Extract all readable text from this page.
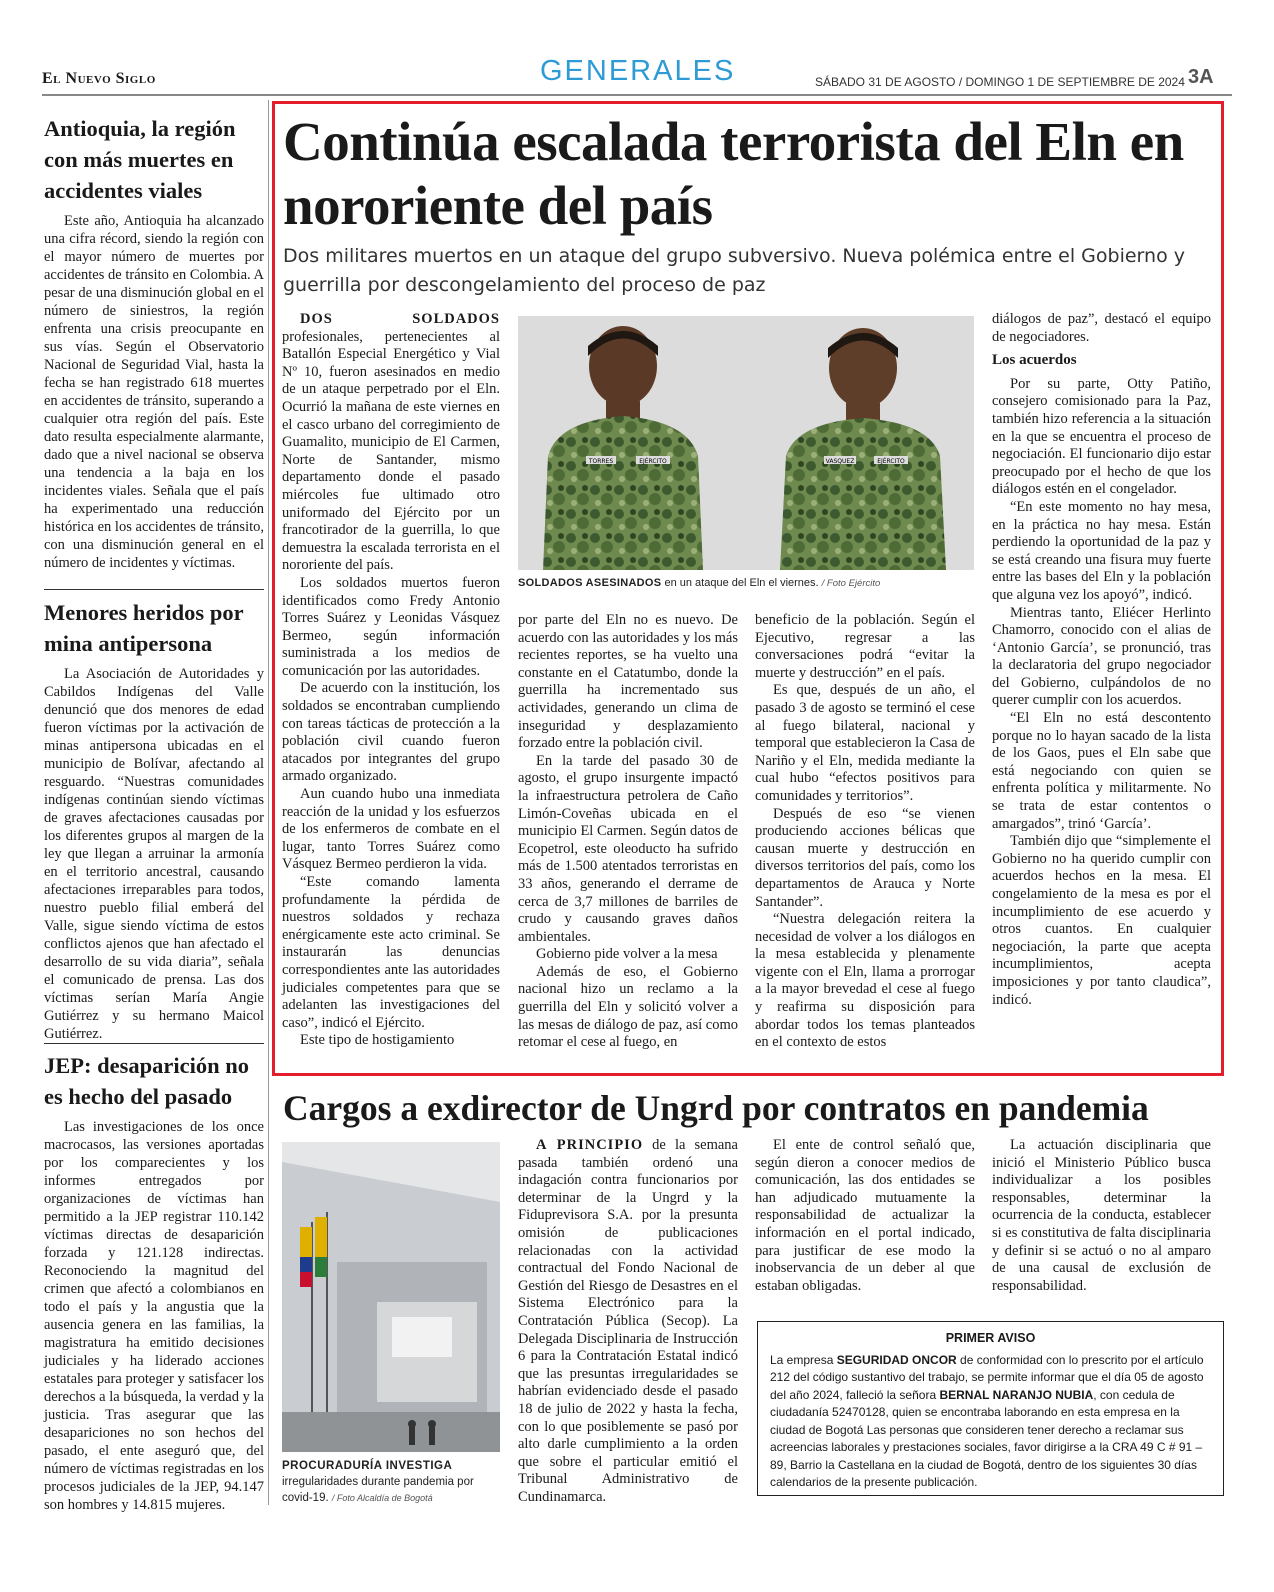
El Nuevo Siglo	GENERALES	SÁBADO 31 DE AGOSTO / DOMINGO 1 DE SEPTIEMBRE DE 2024 3A
Antioquia, la región con más muertes en accidentes viales

Este año, Antioquia ha alcanzado una cifra récord, siendo la región con el mayor número de muertes por accidentes de tránsito en Colombia. A pesar de una disminución global en el número de siniestros, la región enfrenta una crisis preocupante en sus vías. Según el Observatorio Nacional de Seguridad Vial, hasta la fecha se han registrado 618 muertes en accidentes de tránsito, superando a cualquier otra región del país. Este dato resulta especialmente alarmante, dado que a nivel nacional se observa una tendencia a la baja en los incidentes viales. Señala que el país ha experimentado una reducción histórica en los accidentes de tránsito, con una disminución general en el número de incidentes y víctimas.

Menores heridos por mina antipersona

La Asociación de Autoridades y Cabildos Indígenas del Valle denunció que dos menores de edad fueron víctimas por la activación de minas antipersona ubicadas en el municipio de Bolívar, afectando al resguardo. “Nuestras comunidades indígenas continúan siendo víctimas de graves afectaciones causadas por los diferentes grupos al margen de la ley que llegan a arruinar la armonía en el territorio ancestral, causando afectaciones irreparables para todos, nuestro pueblo filial emberá del Valle, sigue siendo víctima de estos conflictos ajenos que han afectado el desarrollo de su vida diaria”, señala el comunicado de prensa. Las dos víctimas serían María Angie Gutiérrez y su hermano Maicol Gutiérrez.

JEP: desaparición no es hecho del pasado

Las investigaciones de los once macrocasos, las versiones aportadas por los comparecientes y los informes entregados por organizaciones de víctimas han permitido a la JEP registrar 110.142 víctimas directas de desaparición forzada y 121.128 indirectas. Reconociendo la magnitud del crimen que afectó a colombianos en todo el país y la angustia que la ausencia genera en las familias, la magistratura ha emitido decisiones judiciales y ha liderado acciones estatales para proteger y satisfacer los derechos a la búsqueda, la verdad y la justicia. Tras asegurar que las desapariciones no son hechos del pasado, el ente aseguró que, del número de víctimas registradas en los procesos judiciales de la JEP, 94.147 son hombres y 14.815 mujeres.

Continúa escalada terrorista del Eln en nororiente del país

Dos militares muertos en un ataque del grupo subversivo. Nueva polémica entre el Gobierno y guerrilla por descongelamiento del proceso de paz

DOS SOLDADOS profesionales, pertenecientes al Batallón Especial Energético y Vial Nº 10, fueron asesinados en medio de un ataque perpetrado por el Eln. Ocurrió la mañana de este viernes en el casco urbano del corregimiento de Guamalito, municipio de El Carmen, Norte de Santander, mismo departamento donde el pasado miércoles fue ultimado otro uniformado del Ejército por un francotirador de la guerrilla, lo que demuestra la escalada terrorista en el nororiente del país.

Los soldados muertos fueron identificados como Fredy Antonio Torres Suárez y Leonidas Vásquez Bermeo, según información suministrada a los medios de comunicación por las autoridades.

De acuerdo con la institución, los soldados se encontraban cumpliendo con tareas tácticas de protección a la población civil cuando fueron atacados por integrantes del grupo armado organizado.

Aun cuando hubo una inmediata reacción de la unidad y los esfuerzos de los enfermeros de combate en el lugar, tanto Torres Suárez como Vásquez Bermeo perdieron la vida.

“Este comando lamenta profundamente la pérdida de nuestros soldados y rechaza enérgicamente este acto criminal. Se instaurarán las denuncias correspondientes ante las autoridades judiciales competentes para que se adelanten las investigaciones del caso”, indicó el Ejército.

Este tipo de hostigamiento

TORRES	EJÉRCITO	VASQUEZ	EJÉRCITO
SOLDADOS ASESINADOS en un ataque del Eln el viernes. / Foto Ejército

por parte del Eln no es nuevo. De acuerdo con las autoridades y los más recientes reportes, se ha vuelto una constante en el Catatumbo, donde la guerrilla ha incrementado sus actividades, generando un clima de inseguridad y desplazamiento forzado entre la población civil.

En la tarde del pasado 30 de agosto, el grupo insurgente impactó la infraestructura petrolera de Caño Limón-Coveñas ubicada en el municipio El Carmen. Según datos de Ecopetrol, este oleoducto ha sufrido más de 1.500 atentados terroristas en 33 años, generando el derrame de cerca de 3,7 millones de barriles de crudo y causando graves daños ambientales.

Gobierno pide volver a la mesa

Además de eso, el Gobierno nacional hizo un reclamo a la guerrilla del Eln y solicitó volver a las mesas de diálogo de paz, así como retomar el cese al fuego, en

beneficio de la población. Según el Ejecutivo, regresar a las conversaciones podrá “evitar la muerte y destrucción” en el país.

Es que, después de un año, el pasado 3 de agosto se terminó el cese al fuego bilateral, nacional y temporal que establecieron la Casa de Nariño y el Eln, medida mediante la cual hubo “efectos positivos para comunidades y territorios”.

Después de eso “se vienen produciendo acciones bélicas que causan muerte y destrucción en diversos territorios del país, como los departamentos de Arauca y Norte Santander”.

“Nuestra delegación reitera la necesidad de volver a los diálogos en la mesa establecida y plenamente vigente con el Eln, llama a prorrogar a la mayor brevedad el cese al fuego y reafirma su disposición para abordar todos los temas planteados en el contexto de estos

diálogos de paz”, destacó el equipo de negociadores.

Los acuerdos

Por su parte, Otty Patiño, consejero comisionado para la Paz, también hizo referencia a la situación en la que se encuentra el proceso de negociación. El funcionario dijo estar preocupado por el hecho de que los diálogos estén en el congelador.

“En este momento no hay mesa, en la práctica no hay mesa. Están perdiendo la oportunidad de la paz y se está creando una fisura muy fuerte entre las bases del Eln y la población que alguna vez los apoyó”, indicó.

Mientras tanto, Eliécer Herlinto Chamorro, conocido con el alias de ‘Antonio García’, se pronunció, tras la declaratoria del grupo negociador del Gobierno, culpándolos de no querer cumplir con los acuerdos.

“El Eln no está descontento porque no lo hayan sacado de la lista de los Gaos, pues el Eln sabe que está negociando con quien se enfrenta política y militarmente. No se trata de estar contentos o amargados”, trinó ‘García’.

También dijo que “simplemente el Gobierno no ha querido cumplir con acuerdos hechos en la mesa. El congelamiento de la mesa es por el incumplimiento de ese acuerdo y otros cuantos. En cualquier negociación, la parte que acepta incumplimientos, acepta imposiciones y por tanto claudica”, indicó.

Cargos a exdirector de Ungrd por contratos en pandemia
PROCURADURÍA INVESTIGA
irregularidades durante pandemia por covid-19. / Foto Alcaldía de Bogotá

A PRINCIPIO de la semana pasada también ordenó una indagación contra funcionarios por determinar de la Ungrd y la Fiduprevisora S.A. por la presunta omisión de publicaciones relacionadas con la actividad contractual del Fondo Nacional de Gestión del Riesgo de Desastres en el Sistema Electrónico para la Contratación Pública (Secop). La Delegada Disciplinaria de Instrucción 6 para la Contratación Estatal indicó que las presuntas irregularidades se habrían evidenciado desde el pasado 18 de julio de 2022 y hasta la fecha, con lo que posiblemente se pasó por alto darle cumplimiento a la orden que sobre el particular emitió el Tribunal Administrativo de Cundinamarca.

El ente de control señaló que, según dieron a conocer medios de comunicación, las dos entidades se han adjudicado mutuamente la responsabilidad de actualizar la información en el portal indicado, para justificar de ese modo la inobservancia de un deber al que estaban obligadas.

La actuación disciplinaria que inició el Ministerio Público busca individualizar a los posibles responsables, determinar la ocurrencia de la conducta, establecer si es constitutiva de falta disciplinaria y definir si se actuó o no al amparo de una causal de exclusión de responsabilidad.

PRIMER AVISO
La empresa SEGURIDAD ONCOR de conformidad con lo prescrito por el artículo 212 del código sustantivo del trabajo, se permite informar que el día 05 de agosto del año 2024, falleció la señora BERNAL NARANJO NUBIA, con cedula de ciudadanía 52470128, quien se encontraba laborando en esta empresa en la ciudad de Bogotá Las personas que consideren tener derecho a reclamar sus acreencias laborales y prestaciones sociales, favor dirigirse a la CRA 49 C # 91 – 89, Barrio la Castellana en la ciudad de Bogotá, dentro de los siguientes 30 días calendarios de la presente publicación.
